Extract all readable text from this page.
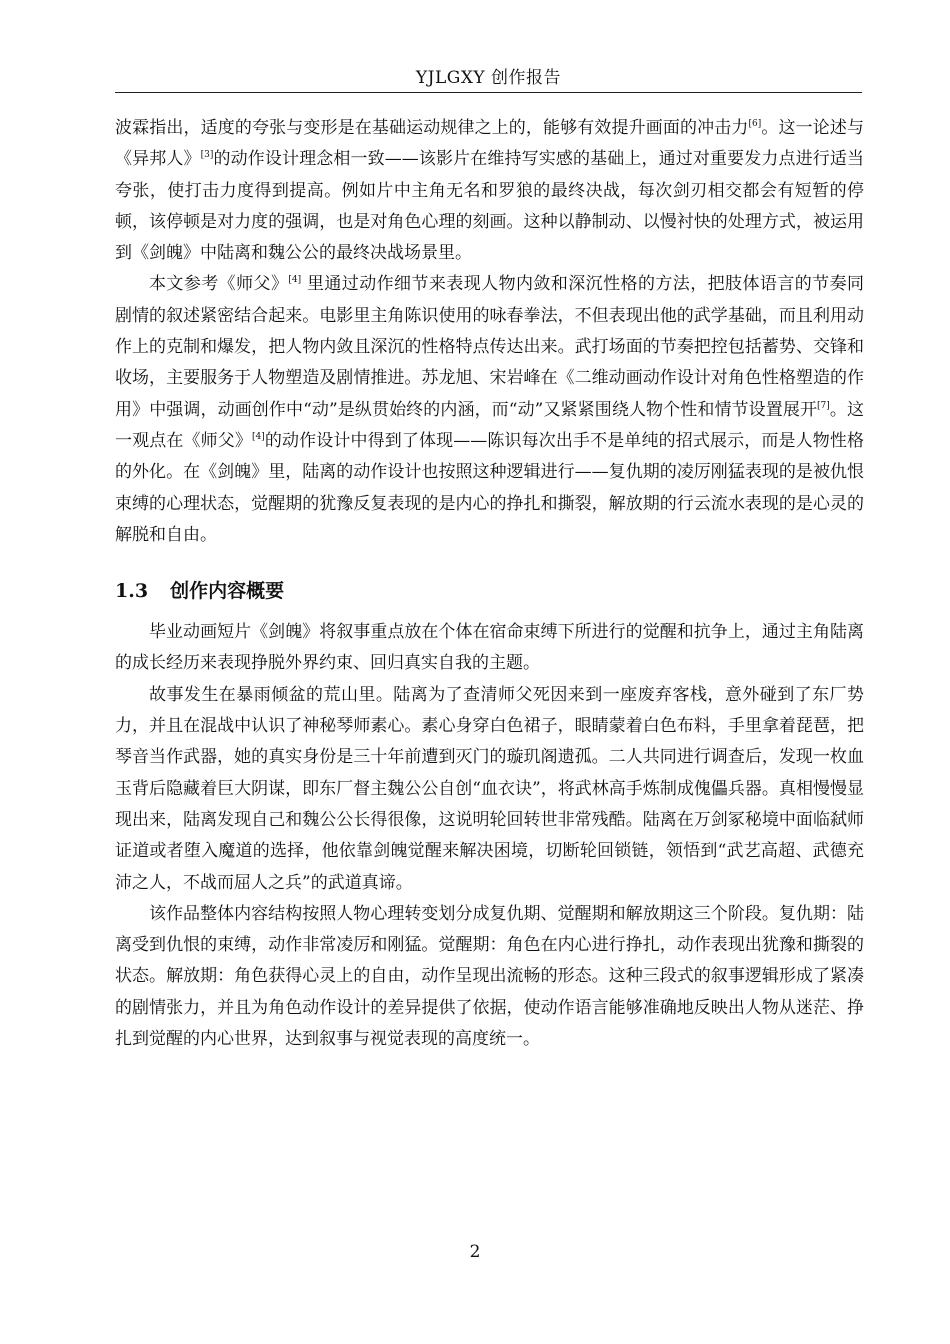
YJLGXY 创作报告

波霖指出，适度的夸张与变形是在基础运动规律之上的，能够有效提升画面的冲击力[6]。这一论述与《异邦人》[3]的动作设计理念相一致——该影片在维持写实感的基础上，通过对重要发力点进行适当夸张，使打击力度得到提高。例如片中主角无名和罗狼的最终决战，每次剑刃相交都会有短暂的停顿，该停顿是对力度的强调，也是对角色心理的刻画。这种以静制动、以慢衬快的处理方式，被运用到《剑魄》中陆离和魏公公的最终决战场景里。

本文参考《师父》[4] 里通过动作细节来表现人物内敛和深沉性格的方法，把肢体语言的节奏同剧情的叙述紧密结合起来。电影里主角陈识使用的咏春拳法，不但表现出他的武学基础，而且利用动作上的克制和爆发，把人物内敛且深沉的性格特点传达出来。武打场面的节奏把控包括蓄势、交锋和收场，主要服务于人物塑造及剧情推进。苏龙旭、宋岩峰在《二维动画动作设计对角色性格塑造的作用》中强调，动画创作中“动”是纵贯始终的内涵，而“动”又紧紧围绕人物个性和情节设置展开[7]。这一观点在《师父》[4]的动作设计中得到了体现——陈识每次出手不是单纯的招式展示，而是人物性格的外化。在《剑魄》里，陆离的动作设计也按照这种逻辑进行——复仇期的凌厉刚猛表现的是被仇恨束缚的心理状态，觉醒期的犹豫反复表现的是内心的挣扎和撕裂，解放期的行云流水表现的是心灵的解脱和自由。

1.3 创作内容概要

毕业动画短片《剑魄》将叙事重点放在个体在宿命束缚下所进行的觉醒和抗争上，通过主角陆离的成长经历来表现挣脱外界约束、回归真实自我的主题。

故事发生在暴雨倾盆的荒山里。陆离为了查清师父死因来到一座废弃客栈，意外碰到了东厂势力，并且在混战中认识了神秘琴师素心。素心身穿白色裙子，眼睛蒙着白色布料，手里拿着琵琶，把琴音当作武器，她的真实身份是三十年前遭到灭门的璇玑阁遗孤。二人共同进行调查后，发现一枚血玉背后隐藏着巨大阴谋，即东厂督主魏公公自创“血衣诀”，将武林高手炼制成傀儡兵器。真相慢慢显现出来，陆离发现自己和魏公公长得很像，这说明轮回转世非常残酷。陆离在万剑冢秘境中面临弑师证道或者堕入魔道的选择，他依靠剑魄觉醒来解决困境，切断轮回锁链，领悟到“武艺高超、武德充沛之人，不战而屈人之兵”的武道真谛。

该作品整体内容结构按照人物心理转变划分成复仇期、觉醒期和解放期这三个阶段。复仇期：陆离受到仇恨的束缚，动作非常凌厉和刚猛。觉醒期：角色在内心进行挣扎，动作表现出犹豫和撕裂的状态。解放期：角色获得心灵上的自由，动作呈现出流畅的形态。这种三段式的叙事逻辑形成了紧凑的剧情张力，并且为角色动作设计的差异提供了依据，使动作语言能够准确地反映出人物从迷茫、挣扎到觉醒的内心世界，达到叙事与视觉表现的高度统一。

2
